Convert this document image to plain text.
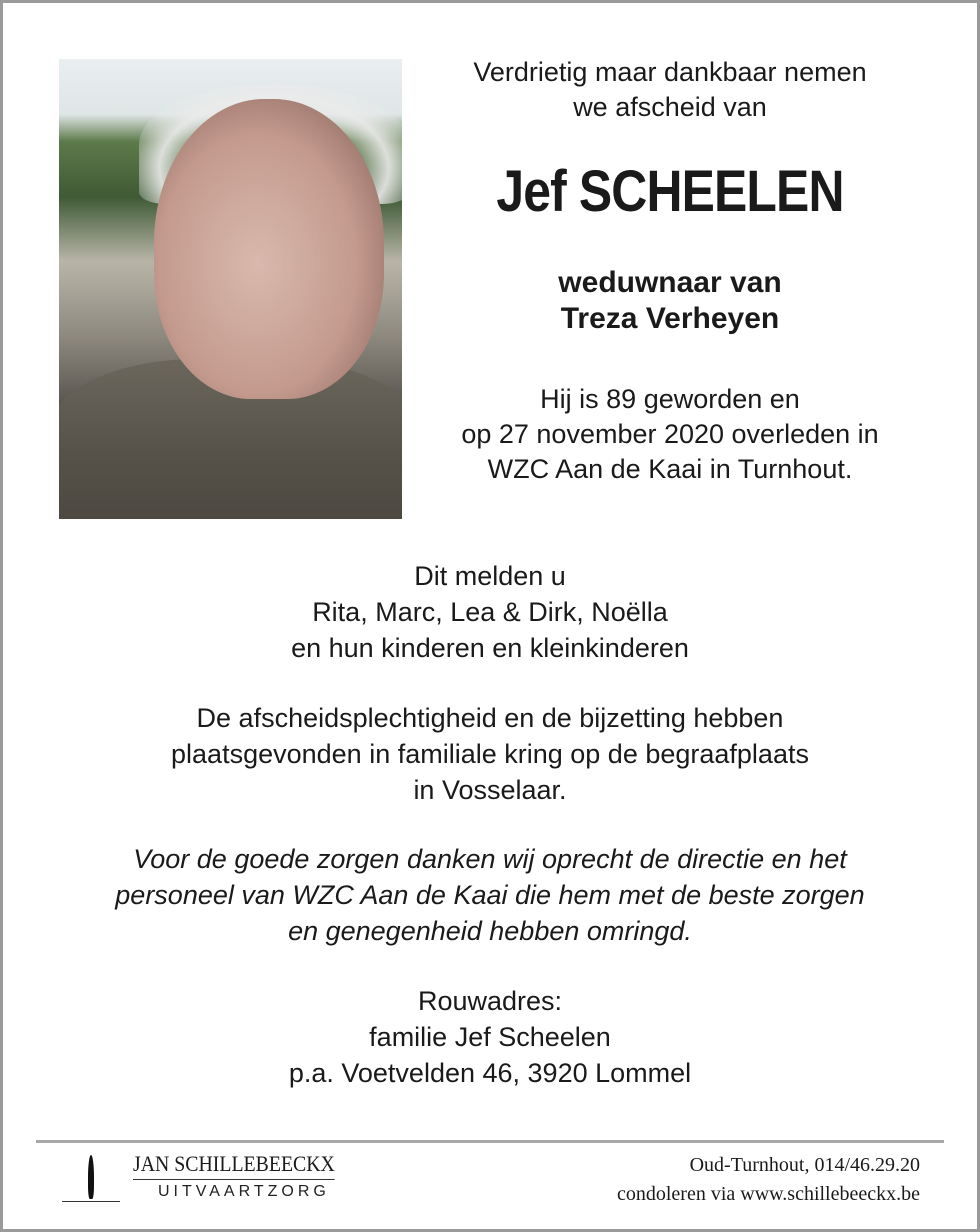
Verdrietig maar dankbaar nemen
we afscheid van
Jef SCHEELEN
weduwnaar van
Treza Verheyen
Hij is 89 geworden en
op 27 november 2020 overleden in
WZC Aan de Kaai in Turnhout.
Dit melden u
Rita, Marc, Lea & Dirk, Noëlla
en hun kinderen en kleinkinderen
De afscheidsplechtigheid en de bijzetting hebben
plaatsgevonden in familiale kring op de begraafplaats
in Vosselaar.
Voor de goede zorgen danken wij oprecht de directie en het
personeel van WZC Aan de Kaai die hem met de beste zorgen
en genegenheid hebben omringd.
Rouwadres:
familie Jef Scheelen
p.a. Voetvelden 46, 3920 Lommel
JAN SCHILLEBEECKX
UITVAARTZORG
Oud-Turnhout, 014/46.29.20
condoleren via www.schillebeeckx.be
